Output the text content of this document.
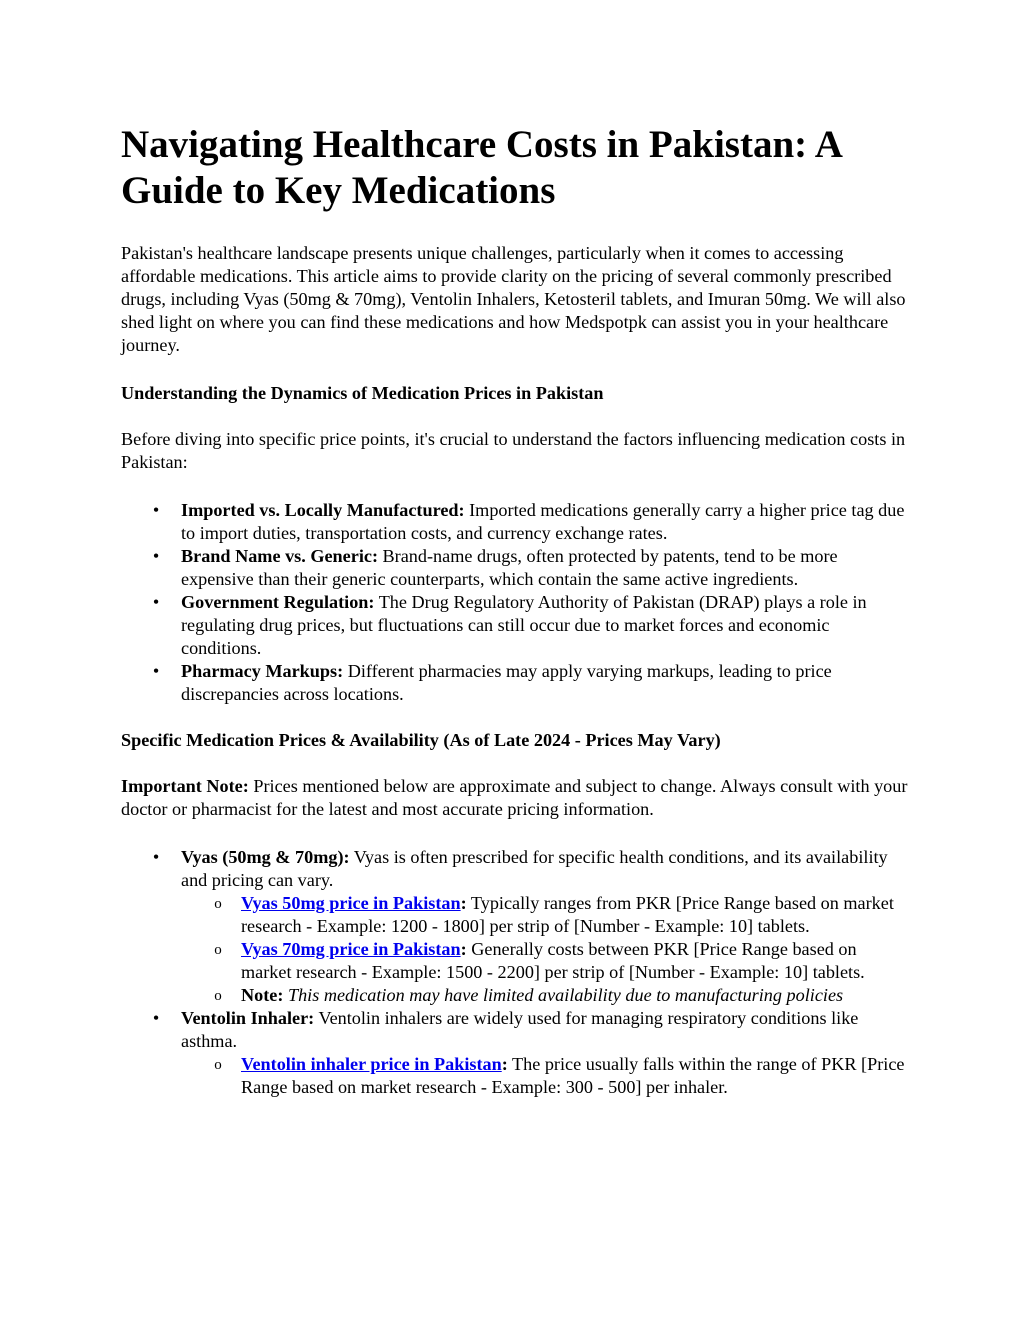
Navigating Healthcare Costs in Pakistan: A Guide to Key Medications

Pakistan's healthcare landscape presents unique challenges, particularly when it comes to accessing affordable medications. This article aims to provide clarity on the pricing of several commonly prescribed drugs, including Vyas (50mg & 70mg), Ventolin Inhalers, Ketosteril tablets, and Imuran 50mg. We will also shed light on where you can find these medications and how Medspotpk can assist you in your healthcare journey.

Understanding the Dynamics of Medication Prices in Pakistan

Before diving into specific price points, it's crucial to understand the factors influencing medication costs in Pakistan:

•	Imported vs. Locally Manufactured: Imported medications generally carry a higher price tag due to import duties, transportation costs, and currency exchange rates.
•	Brand Name vs. Generic: Brand-name drugs, often protected by patents, tend to be more expensive than their generic counterparts, which contain the same active ingredients.
•	Government Regulation: The Drug Regulatory Authority of Pakistan (DRAP) plays a role in regulating drug prices, but fluctuations can still occur due to market forces and economic conditions.
•	Pharmacy Markups: Different pharmacies may apply varying markups, leading to price discrepancies across locations.
Specific Medication Prices & Availability (As of Late 2024 - Prices May Vary)

Important Note: Prices mentioned below are approximate and subject to change. Always consult with your doctor or pharmacist for the latest and most accurate pricing information.

•	Vyas (50mg & 70mg): Vyas is often prescribed for specific health conditions, and its availability and pricing can vary.
o	Vyas 50mg price in Pakistan: Typically ranges from PKR [Price Range based on market research - Example: 1200 - 1800] per strip of [Number - Example: 10] tablets.
o	Vyas 70mg price in Pakistan: Generally costs between PKR [Price Range based on market research - Example: 1500 - 2200] per strip of [Number - Example: 10] tablets.
o	Note: This medication may have limited availability due to manufacturing policies
•	Ventolin Inhaler: Ventolin inhalers are widely used for managing respiratory conditions like asthma.
o	Ventolin inhaler price in Pakistan: The price usually falls within the range of PKR [Price Range based on market research - Example: 300 - 500] per inhaler.
